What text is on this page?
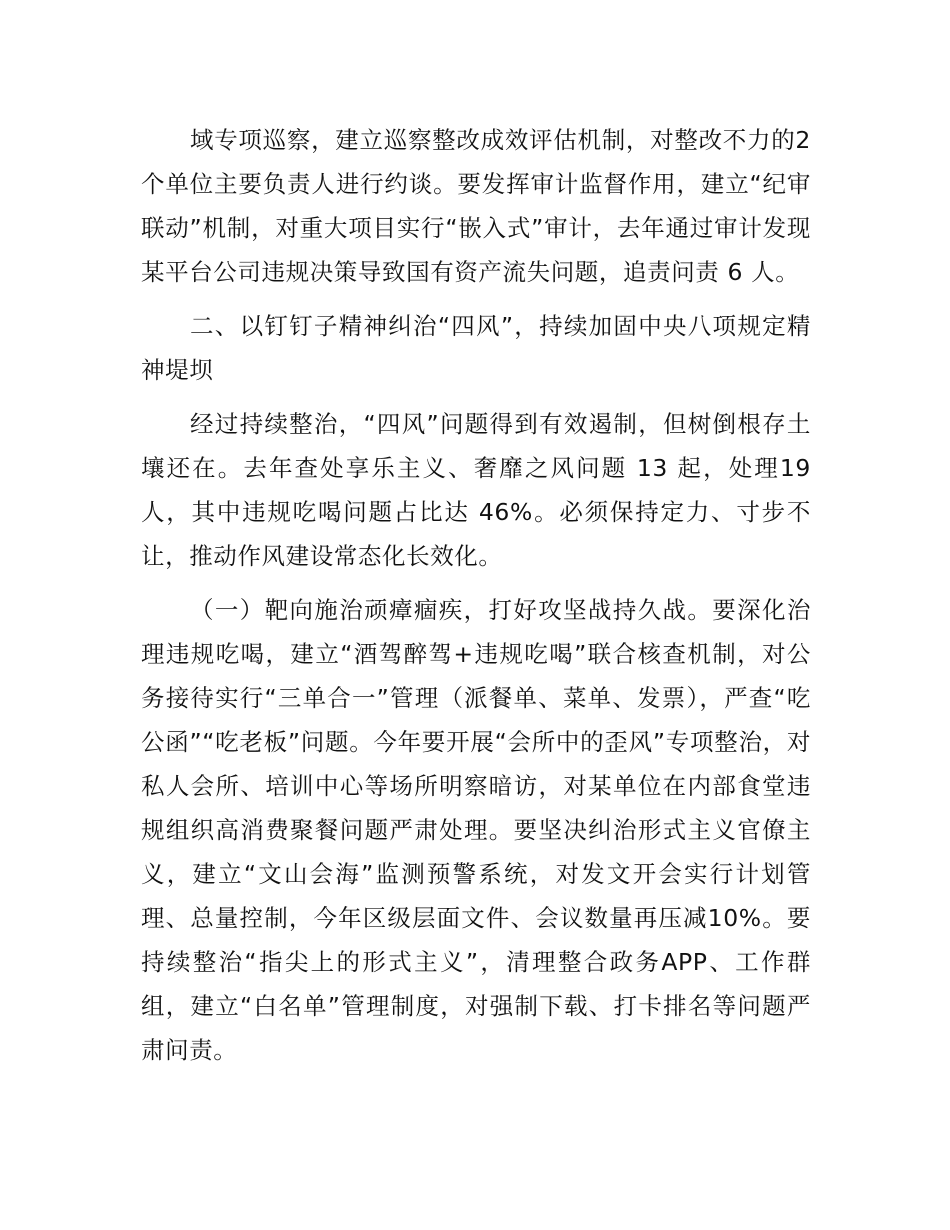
域专项巡察，建立巡察整改成效评估机制，对整改不力的2 个单位主要负责人进行约谈。要发挥审计监督作用，建立“纪审联动”机制，对重大项目实行“嵌入式”审计，去年通过审计发现某平台公司违规决策导致国有资产流失问题，追责问责 6 人。

二、以钉钉子精神纠治“四风”，持续加固中央八项规定精神堤坝

经过持续整治，“四风”问题得到有效遏制，但树倒根存土壤还在。去年查处享乐主义、奢靡之风问题 13 起，处理19 人，其中违规吃喝问题占比达 46%。必须保持定力、寸步不让，推动作风建设常态化长效化。

（一）靶向施治顽瘴痼疾，打好攻坚战持久战。要深化治理违规吃喝，建立“酒驾醉驾+违规吃喝”联合核查机制，对公务接待实行“三单合一”管理（派餐单、菜单、发票），严查“吃公函”“吃老板”问题。今年要开展“会所中的歪风”专项整治，对私人会所、培训中心等场所明察暗访，对某单位在内部食堂违规组织高消费聚餐问题严肃处理。要坚决纠治形式主义官僚主义，建立“文山会海”监测预警系统，对发文开会实行计划管理、总量控制，今年区级层面文件、会议数量再压减10%。要持续整治“指尖上的形式主义”，清理整合政务APP、工作群组，建立“白名单”管理制度，对强制下载、打卡排名等问题严肃问责。
